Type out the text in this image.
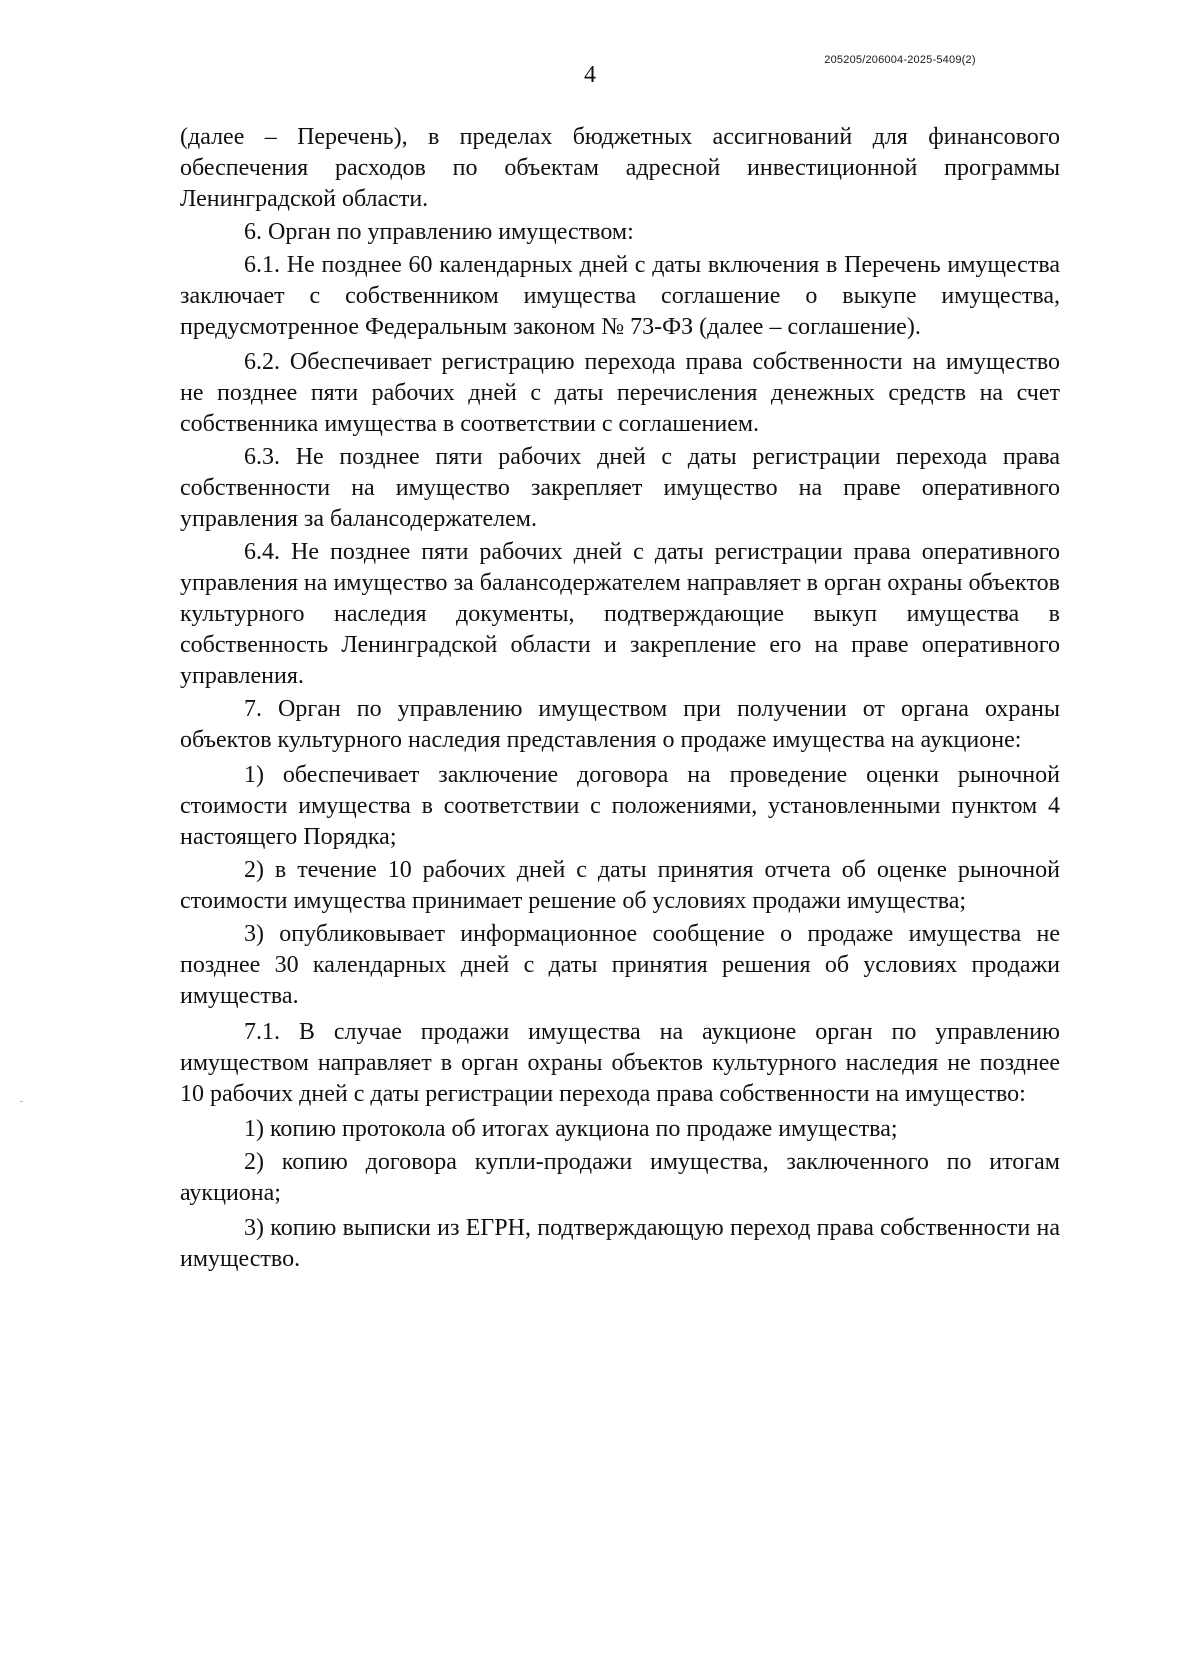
205205/206004-2025-5409(2)
4

(далее – Перечень), в пределах бюджетных ассигнований для финансового обеспечения расходов по объектам адресной инвестиционной программы Ленинградской области.

6. Орган по управлению имуществом:

6.1. Не позднее 60 календарных дней с даты включения в Перечень имущества заключает с собственником имущества соглашение о выкупе имущества, предусмотренное Федеральным законом № 73-ФЗ (далее – соглашение).

6.2. Обеспечивает регистрацию перехода права собственности на имущество не позднее пяти рабочих дней с даты перечисления денежных средств на счет собственника имущества в соответствии с соглашением.

6.3. Не позднее пяти рабочих дней с даты регистрации перехода права собственности на имущество закрепляет имущество на праве оперативного управления за балансодержателем.

6.4. Не позднее пяти рабочих дней с даты регистрации права оперативного управления на имущество за балансодержателем направляет в орган охраны объектов культурного наследия документы, подтверждающие выкуп имущества в собственность Ленинградской области и закрепление его на праве оперативного управления.

7. Орган по управлению имуществом при получении от органа охраны объектов культурного наследия представления о продаже имущества на аукционе:

1) обеспечивает заключение договора на проведение оценки рыночной стоимости имущества в соответствии с положениями, установленными пунктом 4 настоящего Порядка;

2) в течение 10 рабочих дней с даты принятия отчета об оценке рыночной стоимости имущества принимает решение об условиях продажи имущества;

3) опубликовывает информационное сообщение о продаже имущества не позднее 30 календарных дней с даты принятия решения об условиях продажи имущества.

7.1. В случае продажи имущества на аукционе орган по управлению имуществом направляет в орган охраны объектов культурного наследия не позднее 10 рабочих дней с даты регистрации перехода права собственности на имущество:

1) копию протокола об итогах аукциона по продаже имущества;

2) копию договора купли-продажи имущества, заключенного по итогам аукциона;

3) копию выписки из ЕГРН, подтверждающую переход права собственности на имущество.
